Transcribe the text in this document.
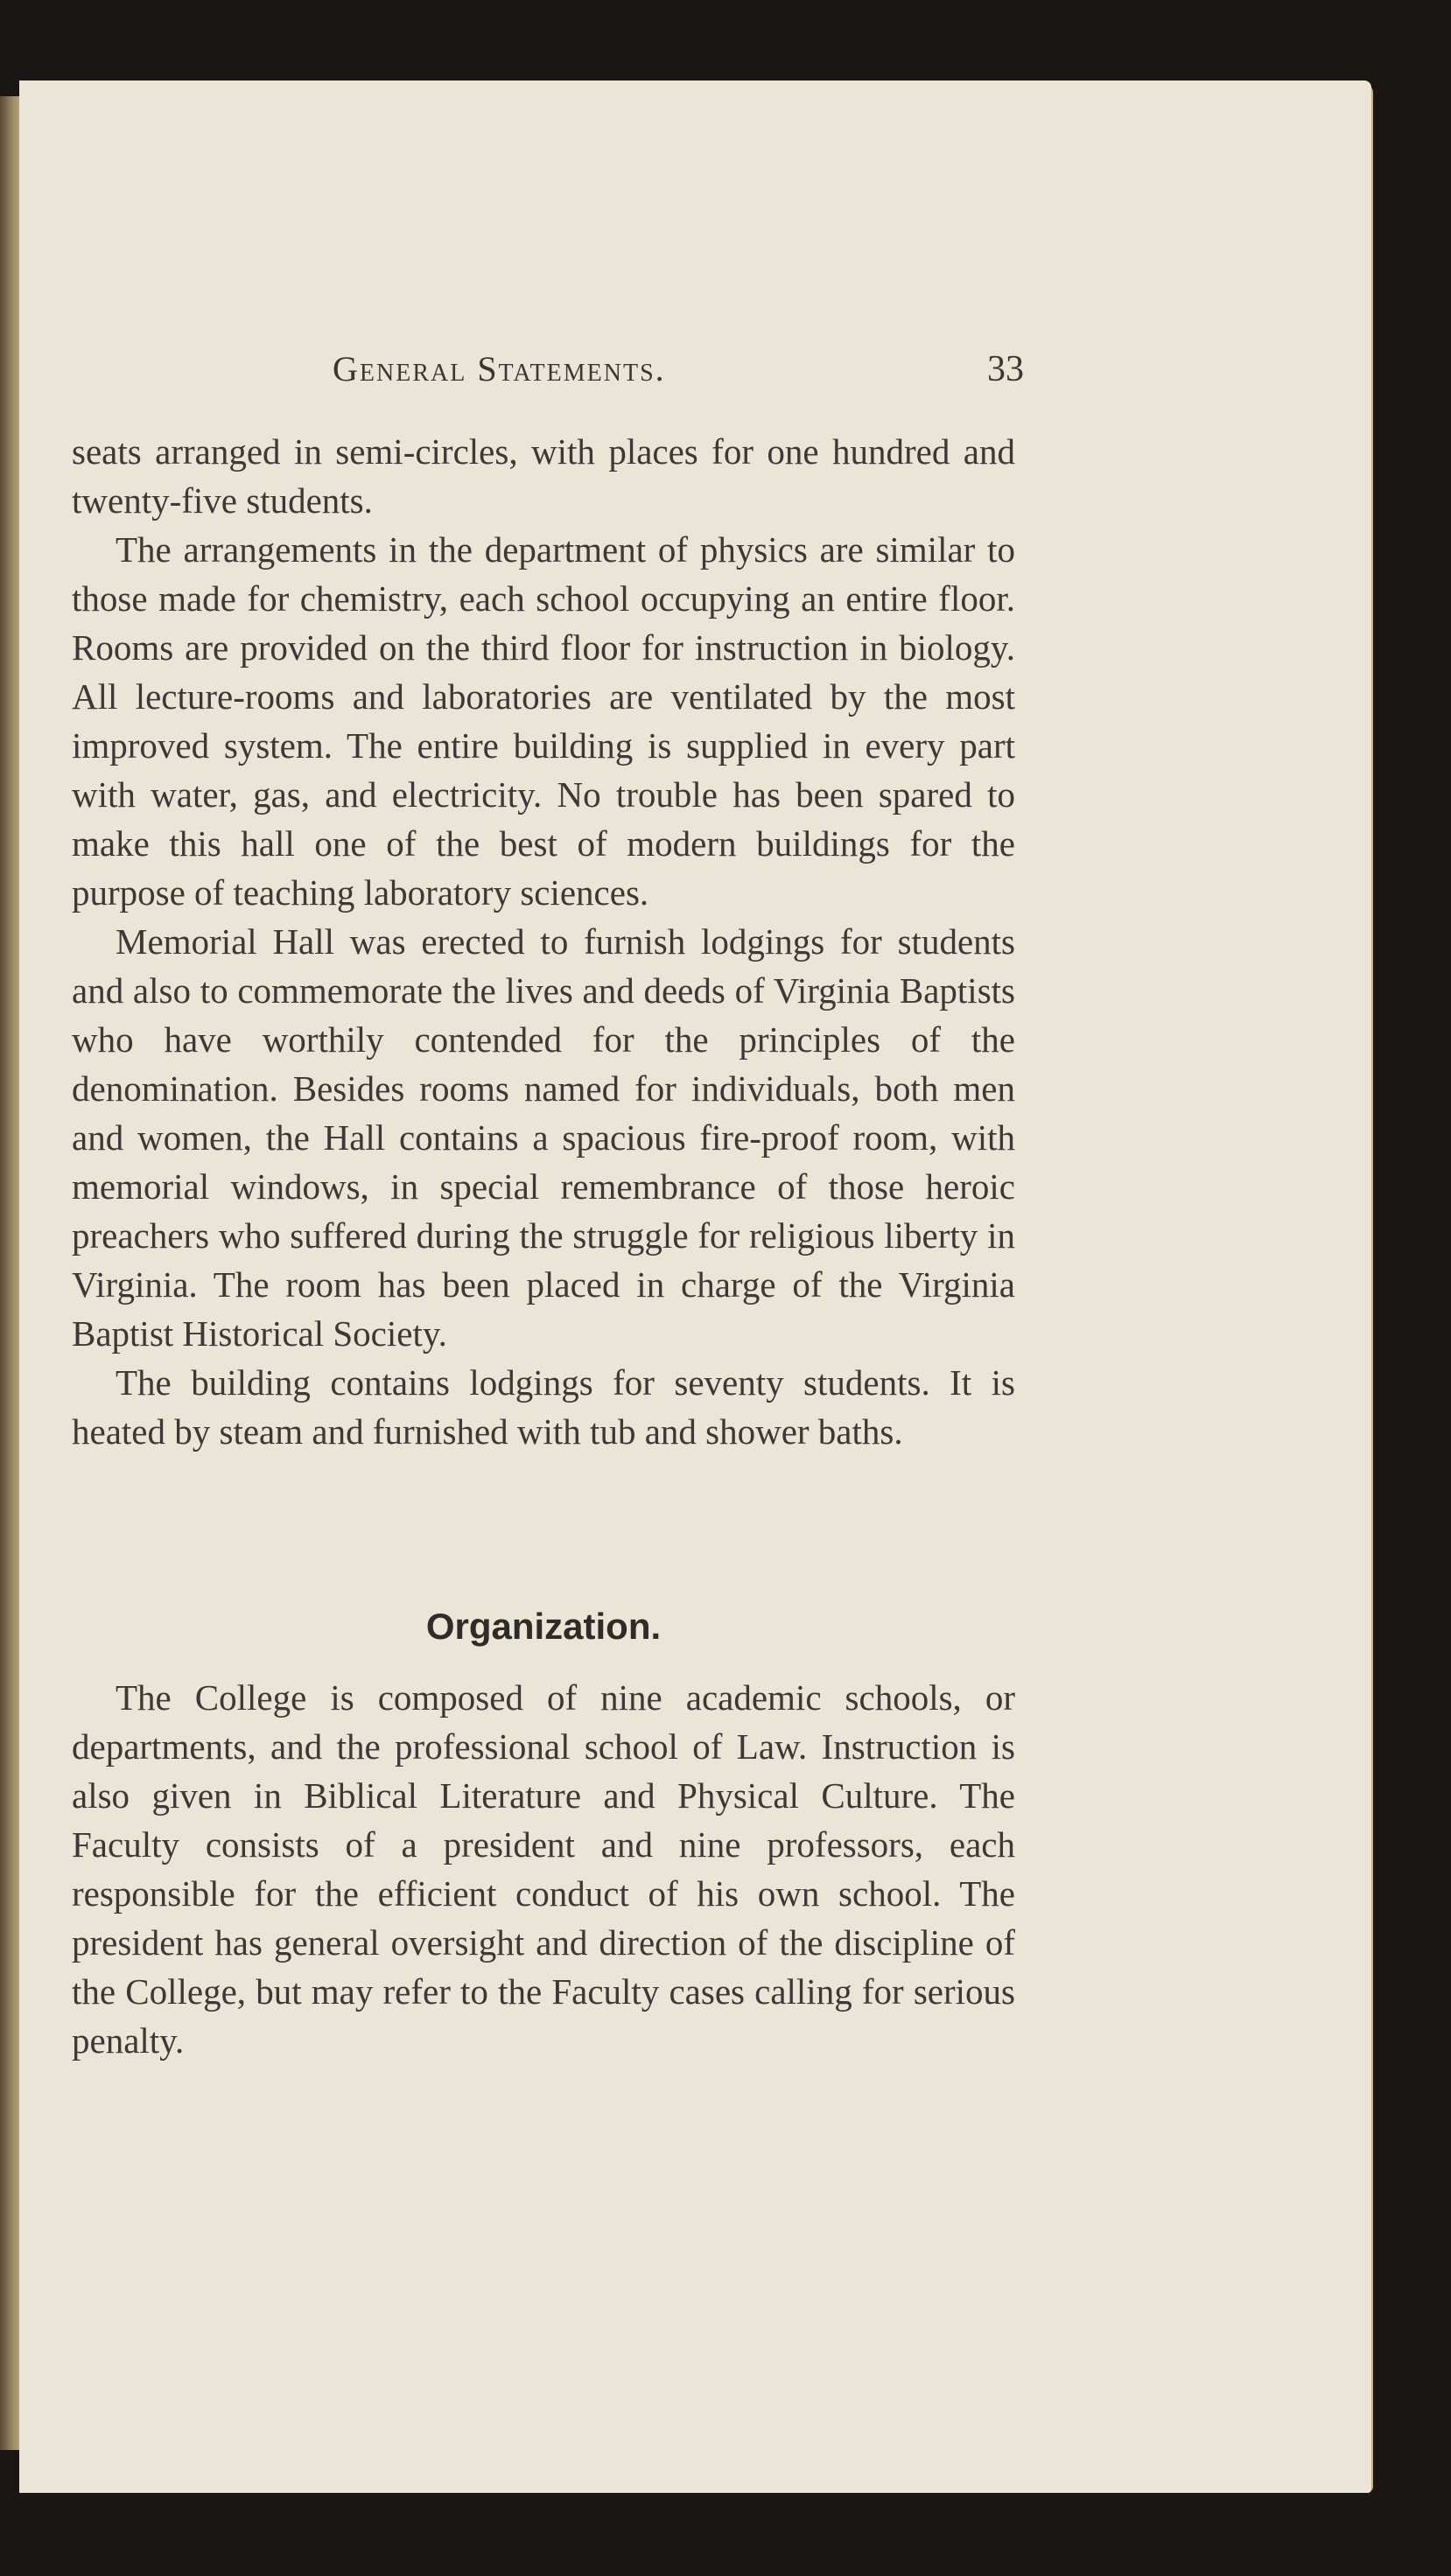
General Statements.	33

seats arranged in semi-circles, with places for one hundred and twenty-five students.

The arrangements in the department of physics are similar to those made for chemistry, each school occupying an entire floor. Rooms are provided on the third floor for instruction in biology. All lecture-rooms and laboratories are ventilated by the most improved system. The entire building is supplied in every part with water, gas, and electricity. No trouble has been spared to make this hall one of the best of modern buildings for the purpose of teaching laboratory sciences.

Memorial Hall was erected to furnish lodgings for students and also to commemorate the lives and deeds of Virginia Baptists who have worthily contended for the principles of the denomination. Besides rooms named for individuals, both men and women, the Hall contains a spacious fire-proof room, with memorial windows, in special remembrance of those heroic preachers who suffered during the struggle for religious liberty in Virginia. The room has been placed in charge of the Virginia Baptist Historical Society.

The building contains lodgings for seventy students. It is heated by steam and furnished with tub and shower baths.

Organization.

The College is composed of nine academic schools, or departments, and the professional school of Law. Instruction is also given in Biblical Literature and Physical Culture. The Faculty consists of a president and nine professors, each responsible for the efficient conduct of his own school. The president has general oversight and direction of the discipline of the College, but may refer to the Faculty cases calling for serious penalty.
